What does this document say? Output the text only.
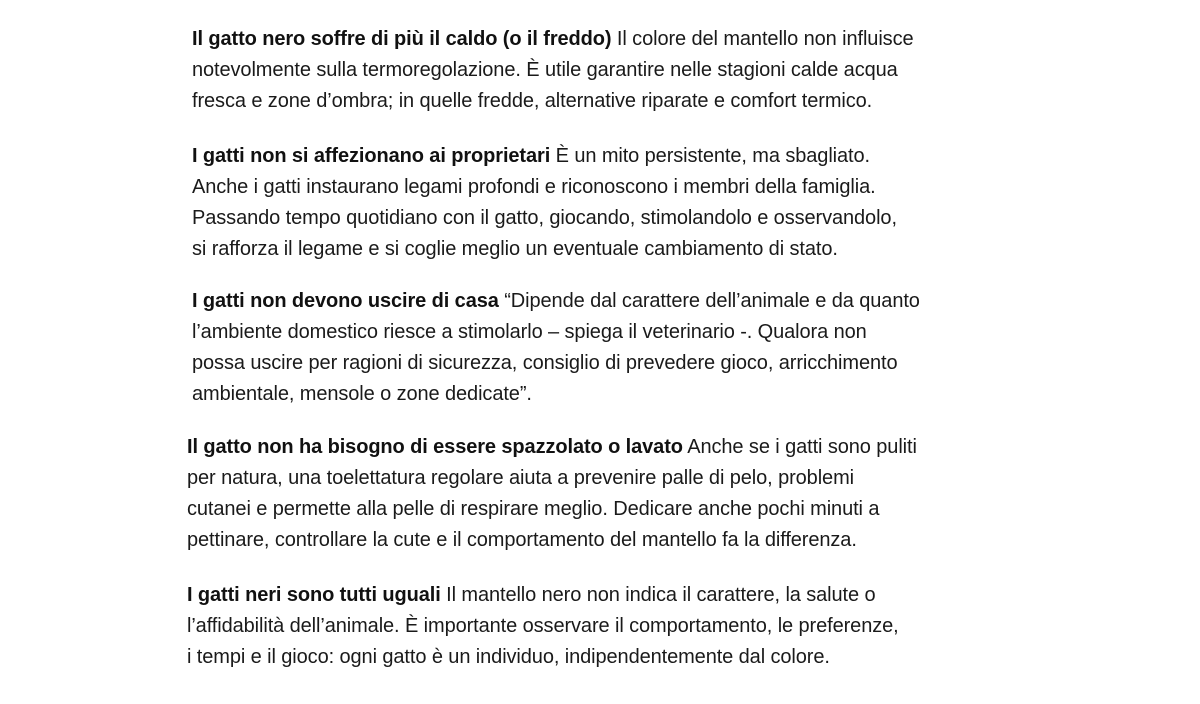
Il gatto nero soffre di più il caldo (o il freddo) Il colore del mantello non influisce
notevolmente sulla termoregolazione. È utile garantire nelle stagioni calde acqua
fresca e zone d’ombra; in quelle fredde, alternative riparate e comfort termico.

I gatti non si affezionano ai proprietari È un mito persistente, ma sbagliato.
Anche i gatti instaurano legami profondi e riconoscono i membri della famiglia.
Passando tempo quotidiano con il gatto, giocando, stimolandolo e osservandolo,
si rafforza il legame e si coglie meglio un eventuale cambiamento di stato.

I gatti non devono uscire di casa “Dipende dal carattere dell’animale e da quanto
l’ambiente domestico riesce a stimolarlo – spiega il veterinario -. Qualora non
possa uscire per ragioni di sicurezza, consiglio di prevedere gioco, arricchimento
ambientale, mensole o zone dedicate”.

Il gatto non ha bisogno di essere spazzolato o lavato Anche se i gatti sono puliti
per natura, una toelettatura regolare aiuta a prevenire palle di pelo, problemi
cutanei e permette alla pelle di respirare meglio. Dedicare anche pochi minuti a
pettinare, controllare la cute e il comportamento del mantello fa la differenza.

I gatti neri sono tutti uguali Il mantello nero non indica il carattere, la salute o
l’affidabilità dell’animale. È importante osservare il comportamento, le preferenze,
i tempi e il gioco: ogni gatto è un individuo, indipendentemente dal colore.
